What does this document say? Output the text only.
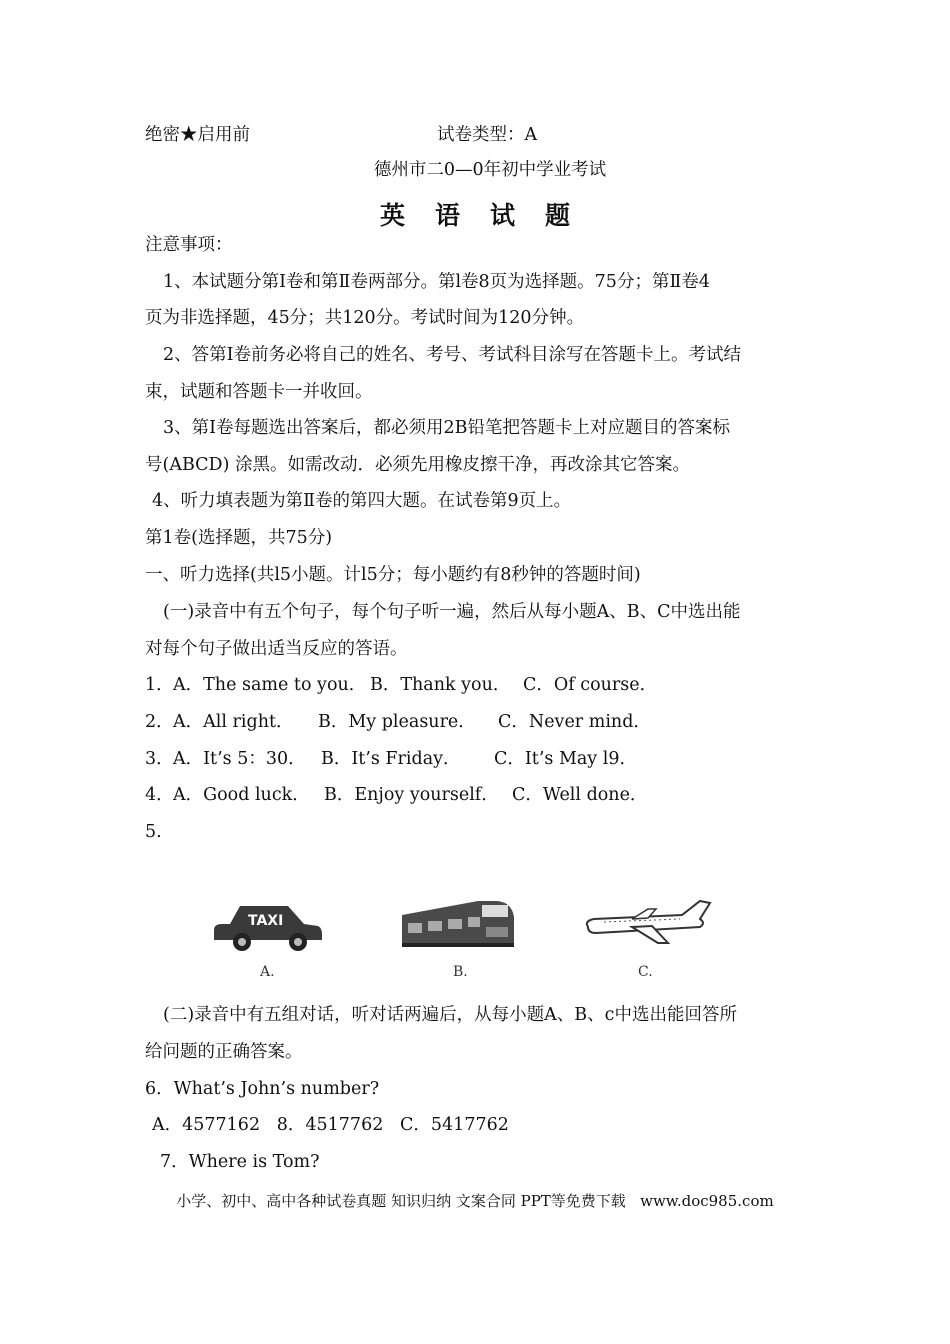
绝密★启用前	试卷类型：A
德州市二0—0年初中学业考试
英语试题
注意事项：
1、本试题分第I卷和第Ⅱ卷两部分。第l卷8页为选择题。75分；第Ⅱ卷4
页为非选择题，45分；共120分。考试时间为120分钟。
2、答第I卷前务必将自己的姓名、考号、考试科目涂写在答题卡上。考试结
束，试题和答题卡一并收回。
3、第I卷每题选出答案后，都必须用2B铅笔把答题卡上对应题目的答案标
号(ABCD) 涂黑。如需改动．必须先用橡皮擦干净，再改涂其它答案。
4、听力填表题为第Ⅱ卷的第四大题。在试卷第9页上。
第1卷(选择题，共75分)
一、听力选择(共l5小题。计l5分；每小题约有8秒钟的答题时间)
(一)录音中有五个句子，每个句子听一遍，然后从每小题A、B、C中选出能
对每个句子做出适当反应的答语。
1． A．The same to you． B．Thank you． C．Of course．
2． A．All right． B．My pleasure． C．Never mind．
3． A．It’s 5：30． B．It’s Friday． C．It’s May l9．
4． A．Good luck． B．Enjoy yourself． C．Well done．
5.
TAXI
A.	B.	C.
(二)录音中有五组对话，听对话两遍后，从每小题A、B、c中选出能回答所
给问题的正确答案。
6．What’s John’s number?
A．4577162   8．4517762   C．5417762
7．Where is Tom?
小学、初中、高中各种试卷真题 知识归纳 文案合同 PPT等免费下载   www.doc985.com
